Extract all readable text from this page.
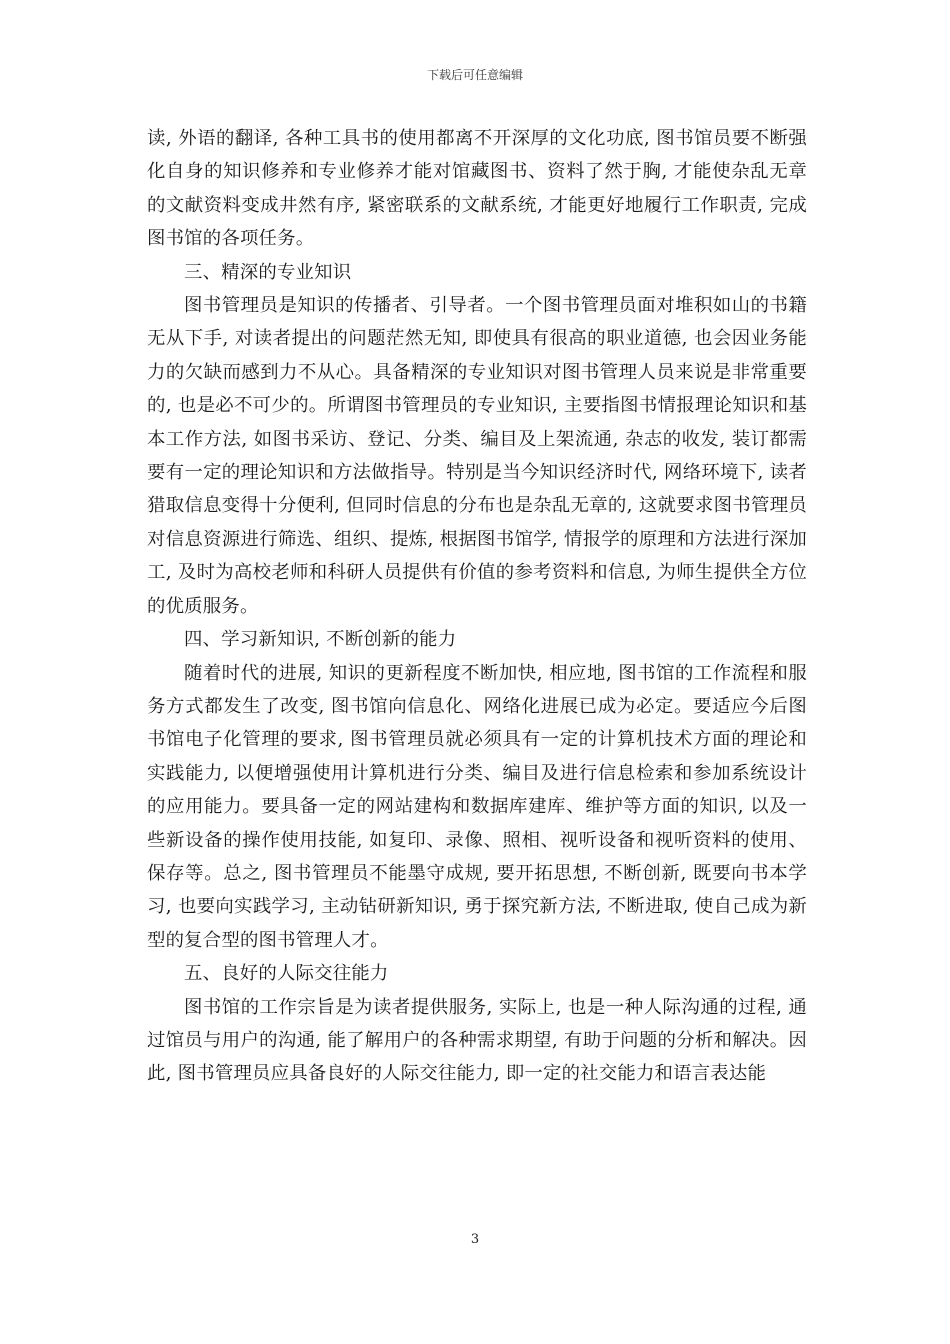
下载后可任意编辑

读, 外语的翻译, 各种工具书的使用都离不开深厚的文化功底, 图书馆员要不断强化自身的知识修养和专业修养才能对馆藏图书、资料了然于胸, 才能使杂乱无章的文献资料变成井然有序, 紧密联系的文献系统, 才能更好地履行工作职责, 完成图书馆的各项任务。

三、精深的专业知识

图书管理员是知识的传播者、引导者。一个图书管理员面对堆积如山的书籍无从下手, 对读者提出的问题茫然无知, 即使具有很高的职业道德, 也会因业务能力的欠缺而感到力不从心。具备精深的专业知识对图书管理人员来说是非常重要的, 也是必不可少的。所谓图书管理员的专业知识, 主要指图书情报理论知识和基本工作方法, 如图书采访、登记、分类、编目及上架流通, 杂志的收发, 装订都需要有一定的理论知识和方法做指导。特别是当今知识经济时代, 网络环境下, 读者猎取信息变得十分便利, 但同时信息的分布也是杂乱无章的, 这就要求图书管理员对信息资源进行筛选、组织、提炼, 根据图书馆学, 情报学的原理和方法进行深加工, 及时为高校老师和科研人员提供有价值的参考资料和信息, 为师生提供全方位的优质服务。

四、学习新知识, 不断创新的能力

随着时代的进展, 知识的更新程度不断加快, 相应地, 图书馆的工作流程和服务方式都发生了改变, 图书馆向信息化、网络化进展已成为必定。要适应今后图书馆电子化管理的要求, 图书管理员就必须具有一定的计算机技术方面的理论和实践能力, 以便增强使用计算机进行分类、编目及进行信息检索和参加系统设计的应用能力。要具备一定的网站建构和数据库建库、维护等方面的知识, 以及一些新设备的操作使用技能, 如复印、录像、照相、视听设备和视听资料的使用、保存等。总之, 图书管理员不能墨守成规, 要开拓思想, 不断创新, 既要向书本学习, 也要向实践学习, 主动钻研新知识, 勇于探究新方法, 不断进取, 使自己成为新型的复合型的图书管理人才。

五、良好的人际交往能力

图书馆的工作宗旨是为读者提供服务, 实际上, 也是一种人际沟通的过程, 通过馆员与用户的沟通, 能了解用户的各种需求期望, 有助于问题的分析和解决。因此, 图书管理员应具备良好的人际交往能力, 即一定的社交能力和语言表达能

3
